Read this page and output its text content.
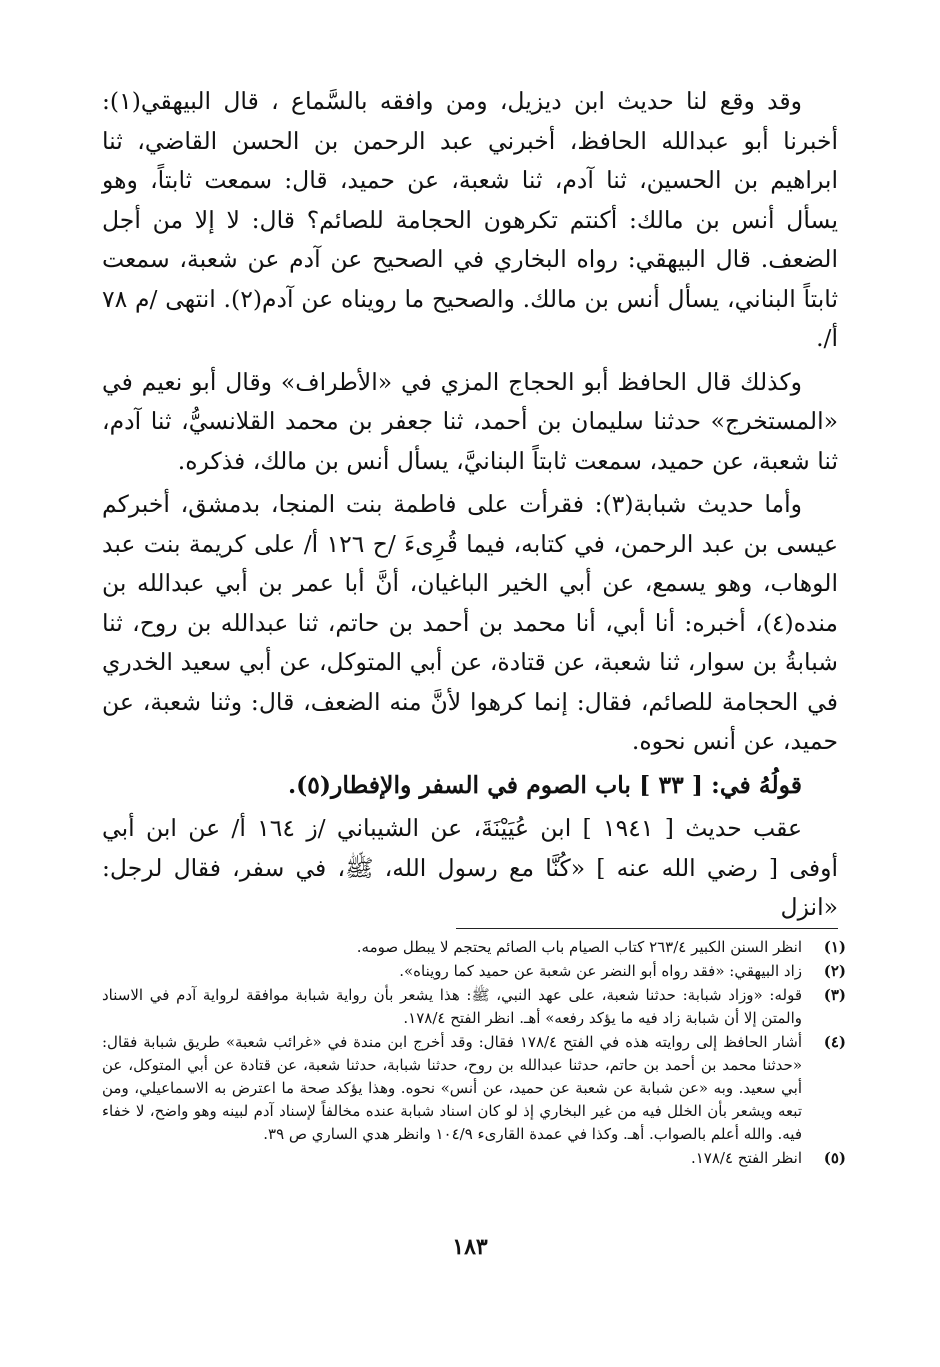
وقد وقع لنا حديث ابن ديزيل، ومن وافقه بالسَّماع ، قال البيهقي(١): أخبرنا أبو عبدالله الحافظ، أخبرني عبد الرحمن بن الحسن القاضي، ثنا ابراهيم بن الحسين، ثنا آدم، ثنا شعبة، عن حميد، قال: سمعت ثابتاً، وهو يسأل أنس بن مالك: أكنتم تكرهون الحجامة للصائم؟ قال: لا إلا من أجل الضعف. قال البيهقي: رواه البخاري في الصحيح عن آدم عن شعبة، سمعت ثابتاً البناني، يسأل أنس بن مالك. والصحيح ما رويناه عن آدم(٢). انتهى /م ٧٨ أ/.

وكذلك قال الحافظ أبو الحجاج المزي في «الأطراف» وقال أبو نعيم في «المستخرج» حدثنا سليمان بن أحمد، ثنا جعفر بن محمد القلانسيُّ، ثنا آدم، ثنا شعبة، عن حميد، سمعت ثابتاً البنانيَّ، يسأل أنس بن مالك، فذكره.

وأما حديث شبابة(٣): فقرأت على فاطمة بنت المنجا، بدمشق، أخبركم عيسى بن عبد الرحمن، في كتابه، فيما قُرِىءَ /ح ١٢٦ أ/ على كريمة بنت عبد الوهاب، وهو يسمع، عن أبي الخير الباغيان، أنَّ أبا عمر بن أبي عبدالله بن منده(٤)، أخبره: أنا أبي، أنا محمد بن أحمد بن حاتم، ثنا عبدالله بن روح، ثنا شبابةُ بن سوار، ثنا شعبة، عن قتادة، عن أبي المتوكل، عن أبي سعيد الخدري في الحجامة للصائم، فقال: إنما كرهوا لأنَّ منه الضعف، قال: وثنا شعبة، عن حميد، عن أنس نحوه.

قولُهُ في: [ ٣٣ ] باب الصوم في السفر والإفطار(٥).

عقب حديث [ ١٩٤١ ] ابن عُيَيْنَةَ، عن الشيباني /ز ١٦٤ أ/ عن ابن أبي أوفى [ رضي الله عنه ] «كُنَّا مع رسول الله، ﷺ، في سفر، فقال لرجل: «انزل

(١)
انظر السنن الكبير ٢٦٣/٤ كتاب الصيام باب الصائم يحتجم لا يبطل صومه.
(٢)
زاد البيهقي: «فقد رواه أبو النضر عن شعبة عن حميد كما رويناه».
(٣)
قوله: «وزاد شبابة: حدثنا شعبة، على عهد النبي، ﷺ: هذا يشعر بأن رواية شبابة موافقة لرواية آدم في الاسناد والمتن إلا أن شبابة زاد فيه ما يؤكد رفعه» أهـ. انظر الفتح ١٧٨/٤.
(٤)
أشار الحافظ إلى روايته هذه في الفتح ١٧٨/٤ فقال: وقد أخرج ابن مندة في «غرائب شعبة» طريق شبابة فقال: «حدثنا محمد بن أحمد بن حاتم، حدثنا عبدالله بن روح، حدثنا شبابة، حدثنا شعبة، عن قتادة عن أبي المتوكل، عن أبي سعيد. وبه «عن شبابة عن شعبة عن حميد، عن أنس» نحوه. وهذا يؤكد صحة ما اعترض به الاسماعيلي، ومن تبعه ويشعر بأن الخلل فيه من غير البخاري إذ لو كان اسناد شبابة عنده مخالفاً لإسناد آدم لبينه وهو واضح، لا خفاء فيه. والله أعلم بالصواب. أهـ. وكذا في عمدة القارىء ١٠٤/٩ وانظر هدي الساري ص ٣٩.
(٥)
انظر الفتح ١٧٨/٤.
١٨٣
